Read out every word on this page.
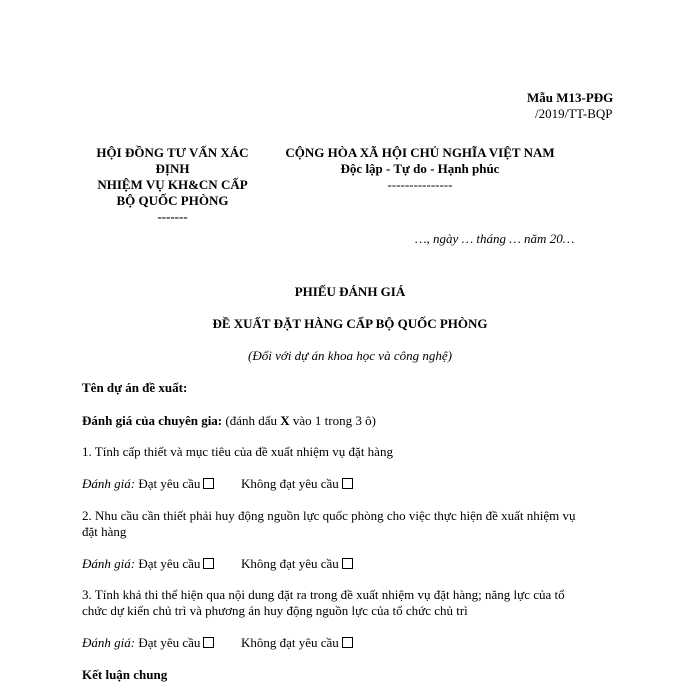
Mẫu M13-PĐG
/2019/TT-BQP
HỘI ĐỒNG TƯ VẤN XÁC
ĐỊNH
NHIỆM VỤ KH&CN CẤP
BỘ QUỐC PHÒNG
-------
CỘNG HÒA XÃ HỘI CHỦ NGHĨA VIỆT NAM
Độc lập - Tự do - Hạnh phúc
---------------
…, ngày … tháng … năm 20…
PHIẾU ĐÁNH GIÁ
ĐỀ XUẤT ĐẶT HÀNG CẤP BỘ QUỐC PHÒNG
(Đối với dự án khoa học và công nghệ)
Tên dự án đề xuất:
Đánh giá của chuyên gia: (đánh dấu X vào 1 trong 3 ô)
1. Tính cấp thiết và mục tiêu của đề xuất nhiệm vụ đặt hàng
Đánh giá: Đạt yêu cầu	Không đạt yêu cầu
2. Nhu cầu cần thiết phải huy động nguồn lực quốc phòng cho việc thực hiện đề xuất nhiệm vụ
đặt hàng
Đánh giá: Đạt yêu cầu	Không đạt yêu cầu
3. Tính khả thi thể hiện qua nội dung đặt ra trong đề xuất nhiệm vụ đặt hàng; năng lực của tổ
chức dự kiến chủ trì và phương án huy động nguồn lực của tổ chức chủ trì
Đánh giá: Đạt yêu cầu	Không đạt yêu cầu
Kết luận chung
